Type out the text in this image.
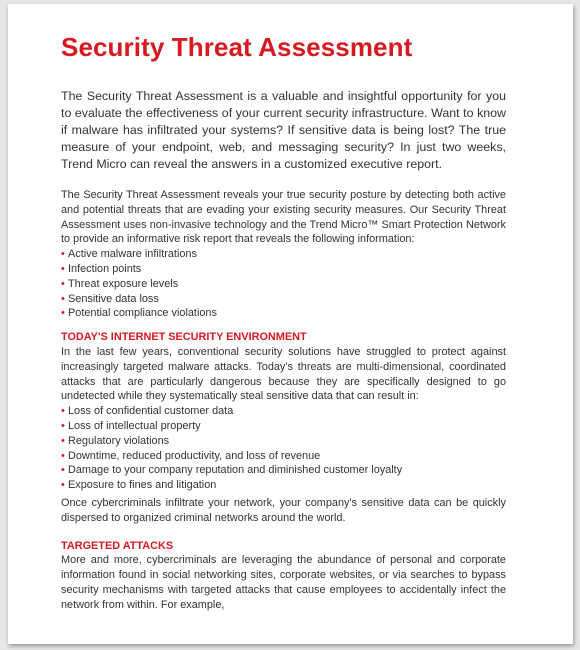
Security Threat Assessment

The Security Threat Assessment is a valuable and insightful opportunity for you to evaluate the effectiveness of your current security infrastructure. Want to know if malware has infiltrated your systems? If sensitive data is being lost? The true measure of your endpoint, web, and messaging security? In just two weeks, Trend Micro can reveal the answers in a customized executive report.

The Security Threat Assessment reveals your true security posture by detecting both active and potential threats that are evading your existing security measures. Our Security Threat Assessment uses non-invasive technology and the Trend Micro™ Smart Protection Network to provide an informative risk report that reveals the following information:

• Active malware infiltrations
• Infection points
• Threat exposure levels
• Sensitive data loss
• Potential compliance violations
TODAY'S INTERNET SECURITY ENVIRONMENT

In the last few years, conventional security solutions have struggled to protect against increasingly targeted malware attacks. Today's threats are multi-dimensional, coordinated attacks that are particularly dangerous because they are specifically designed to go undetected while they systematically steal sensitive data that can result in:

• Loss of confidential customer data
• Loss of intellectual property
• Regulatory violations
• Downtime, reduced productivity, and loss of revenue
• Damage to your company reputation and diminished customer loyalty
• Exposure to fines and litigation

Once cybercriminals infiltrate your network, your company's sensitive data can be quickly dispersed to organized criminal networks around the world.

TARGETED ATTACKS

More and more, cybercriminals are leveraging the abundance of personal and corporate information found in social networking sites, corporate websites, or via searches to bypass security mechanisms with targeted attacks that cause employees to accidentally infect the network from within. For example,
